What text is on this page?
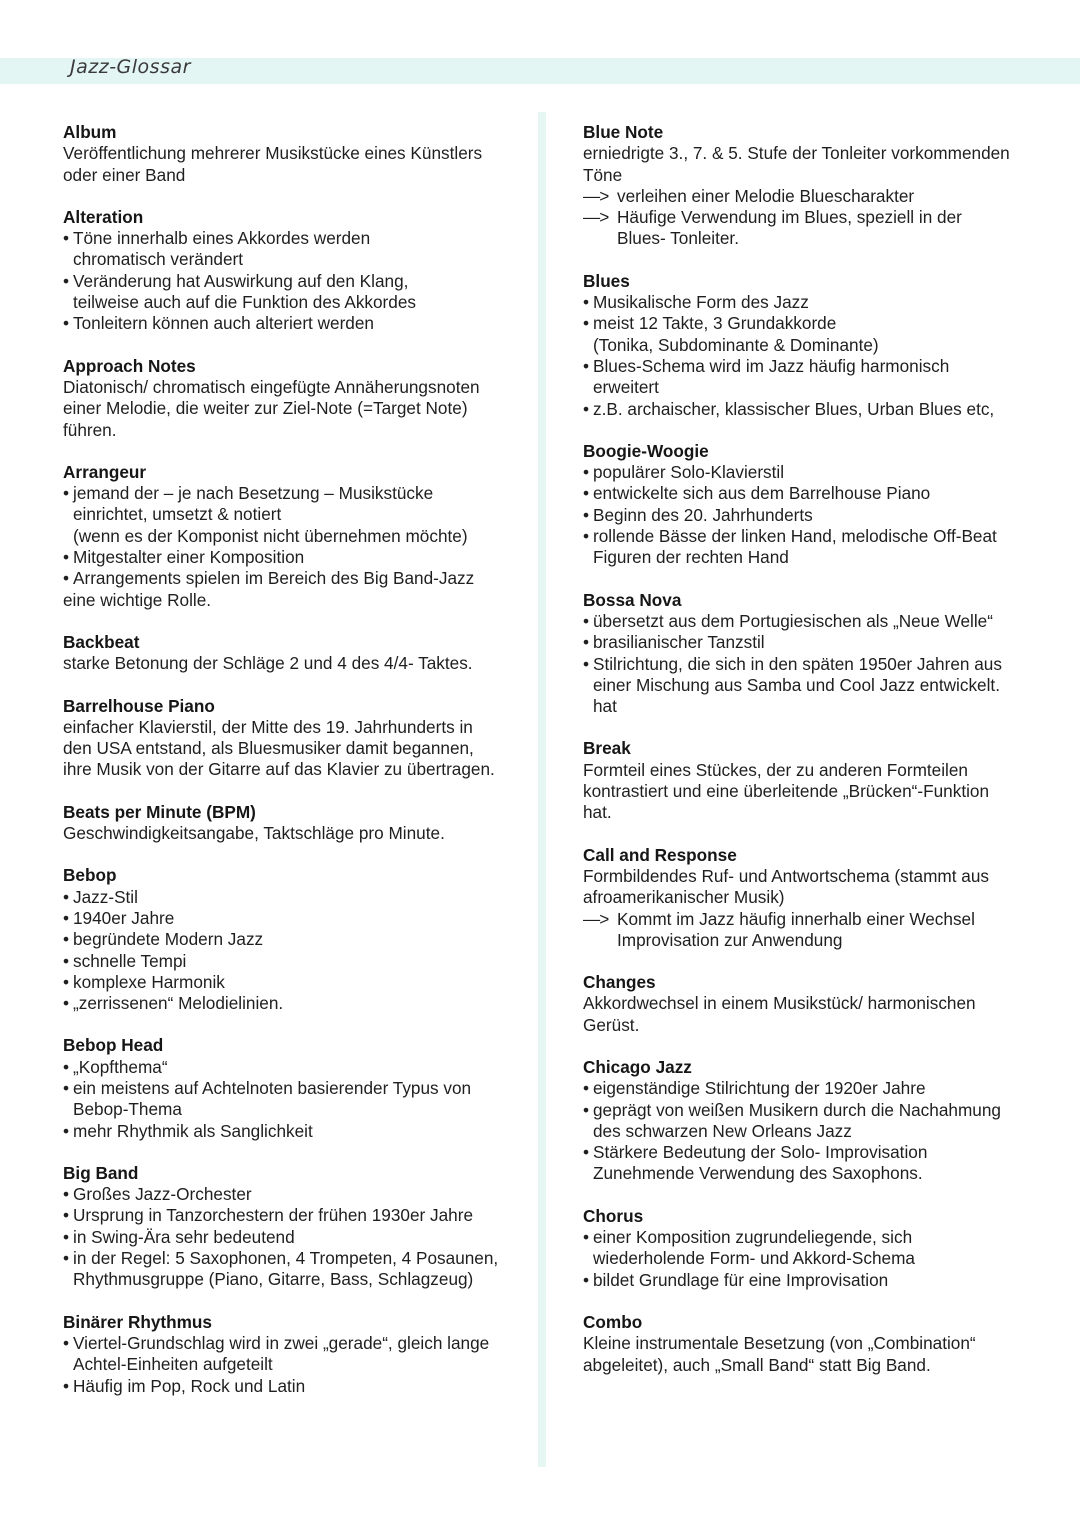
Jazz-Glossar
Album
Veröffentlichung mehrerer Musikstücke eines Künstlers
oder einer Band
Alteration
• Töne innerhalb eines Akkordes werden
chromatisch verändert
• Veränderung hat Auswirkung auf den Klang,
teilweise auch auf die Funktion des Akkordes
• Tonleitern können auch alteriert werden
Approach Notes
Diatonisch/ chromatisch eingefügte Annäherungsnoten
einer Melodie, die weiter zur Ziel-Note (=Target Note)
führen.
Arrangeur
• jemand der – je nach Besetzung – Musikstücke
einrichtet, umsetzt & notiert
(wenn es der Komponist nicht übernehmen möchte)
• Mitgestalter einer Komposition
• Arrangements spielen im Bereich des Big Band-Jazz
eine wichtige Rolle.
Backbeat
starke Betonung der Schläge 2 und 4 des 4/4- Taktes.
Barrelhouse Piano
einfacher Klavierstil, der Mitte des 19. Jahrhunderts in
den USA entstand, als Bluesmusiker damit begannen,
ihre Musik von der Gitarre auf das Klavier zu übertragen.
Beats per Minute (BPM)
Geschwindigkeitsangabe, Taktschläge pro Minute.
Bebop
• Jazz-Stil
• 1940er Jahre
• begründete Modern Jazz
• schnelle Tempi
• komplexe Harmonik
• „zerrissenen“ Melodielinien.
Bebop Head
• „Kopfthema“
• ein meistens auf Achtelnoten basierender Typus von
Bebop-Thema
• mehr Rhythmik als Sanglichkeit
Big Band
• Großes Jazz-Orchester
• Ursprung in Tanzorchestern der frühen 1930er Jahre
• in Swing-Ära sehr bedeutend
• in der Regel: 5 Saxophonen, 4 Trompeten, 4 Posaunen,
Rhythmusgruppe (Piano, Gitarre, Bass, Schlagzeug)
Binärer Rhythmus
• Viertel-Grundschlag wird in zwei „gerade“, gleich lange
Achtel-Einheiten aufgeteilt
• Häufig im Pop, Rock und Latin
Blue Note
erniedrigte 3., 7. & 5. Stufe der Tonleiter vorkommenden
Töne
—> verleihen einer Melodie Bluescharakter
—> Häufige Verwendung im Blues, speziell in der
Blues- Tonleiter.
Blues
• Musikalische Form des Jazz
• meist 12 Takte, 3 Grundakkorde
(Tonika, Subdominante & Dominante)
• Blues-Schema wird im Jazz häufig harmonisch
erweitert
• z.B. archaischer, klassischer Blues, Urban Blues etc,
Boogie-Woogie
• populärer Solo-Klavierstil
• entwickelte sich aus dem Barrelhouse Piano
• Beginn des 20. Jahrhunderts
• rollende Bässe der linken Hand, melodische Off-Beat
Figuren der rechten Hand
Bossa Nova
• übersetzt aus dem Portugiesischen als „Neue Welle“
• brasilianischer Tanzstil
• Stilrichtung, die sich in den späten 1950er Jahren aus
einer Mischung aus Samba und Cool Jazz entwickelt.
hat
Break
Formteil eines Stückes, der zu anderen Formteilen
kontrastiert und eine überleitende „Brücken“-Funktion
hat.
Call and Response
Formbildendes Ruf- und Antwortschema (stammt aus
afroamerikanischer Musik)
—> Kommt im Jazz häufig innerhalb einer Wechsel
Improvisation zur Anwendung
Changes
Akkordwechsel in einem Musikstück/ harmonischen
Gerüst.
Chicago Jazz
• eigenständige Stilrichtung der 1920er Jahre
• geprägt von weißen Musikern durch die Nachahmung
des schwarzen New Orleans Jazz
• Stärkere Bedeutung der Solo- Improvisation
Zunehmende Verwendung des Saxophons.
Chorus
• einer Komposition zugrundeliegende, sich
wiederholende Form- und Akkord-Schema
• bildet Grundlage für eine Improvisation
Combo
Kleine instrumentale Besetzung (von „Combination“
abgeleitet), auch „Small Band“ statt Big Band.
